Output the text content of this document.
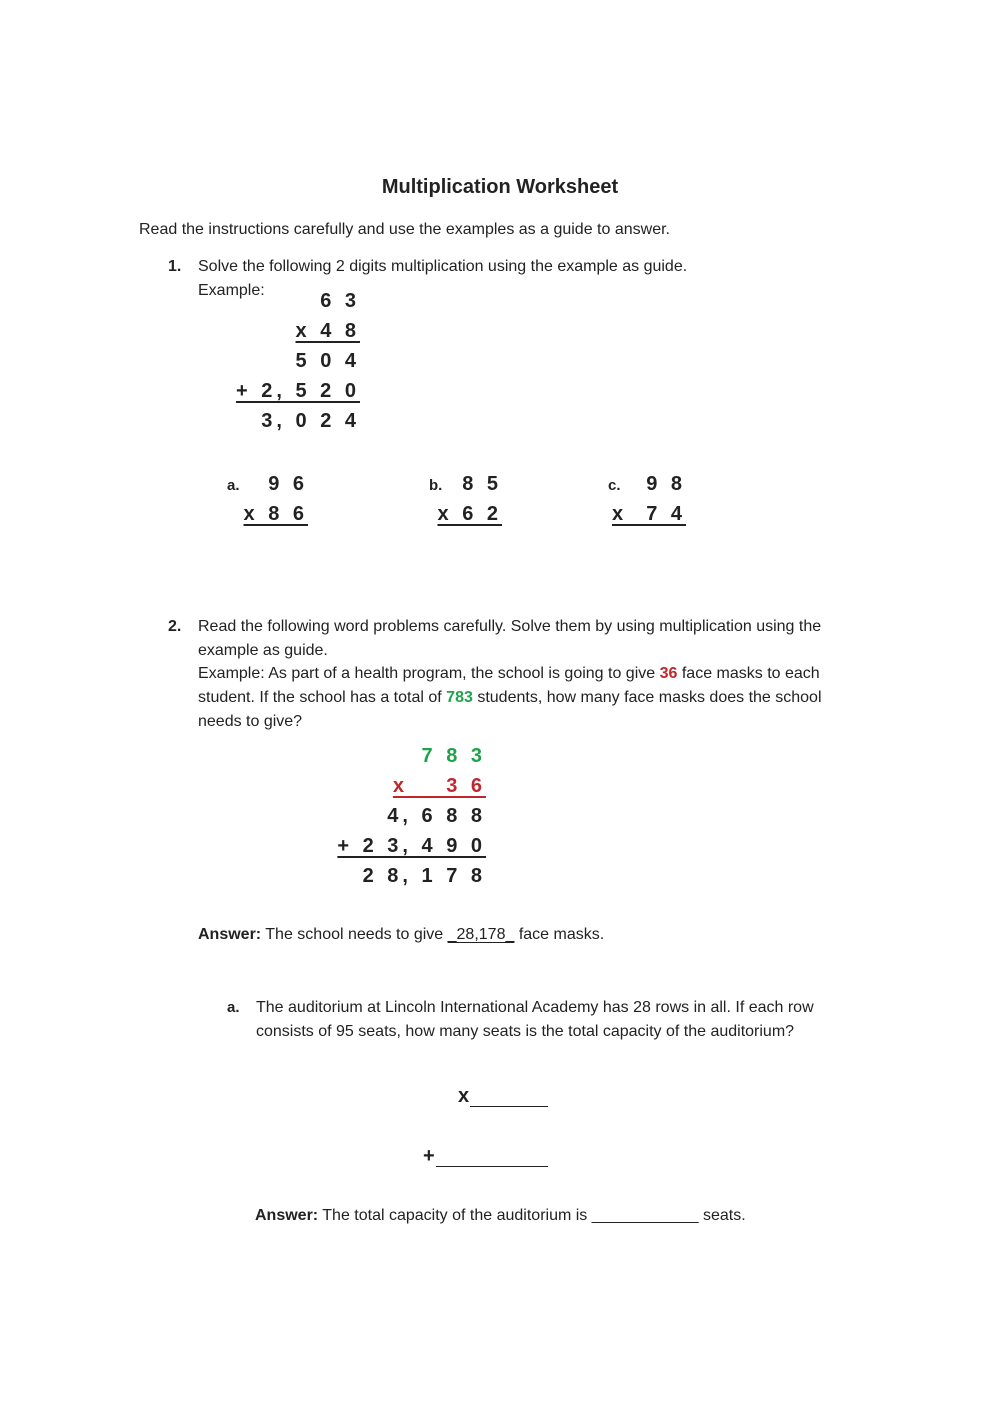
Multiplication Worksheet
Read the instructions carefully and use the examples as a guide to answer.
1. Solve the following 2 digits multiplication using the example as guide.
Example:	6 3
x 4 8
5 0 4
+ 2, 5 2 0
3, 0 2 4
a.	9 6
x 8 6
b. 8 5
x 6 2
c.	9 8
x  7 4
2. Read the following word problems carefully. Solve them by using multiplication using the example as guide.
Example: As part of a health program, the school is going to give 36 face masks to each student. If the school has a total of 783 students, how many face masks does the school needs to give?
7 8 3
x    3 6
4, 6 8 8
+ 2 3, 4 9 0
2 8, 1 7 8
Answer: The school needs to give _28,178_ face masks.
a. The auditorium at Lincoln International Academy has 28 rows in all. If each row consists of 95 seats, how many seats is the total capacity of the auditorium?
x
+
Answer: The total capacity of the auditorium is ____________ seats.
